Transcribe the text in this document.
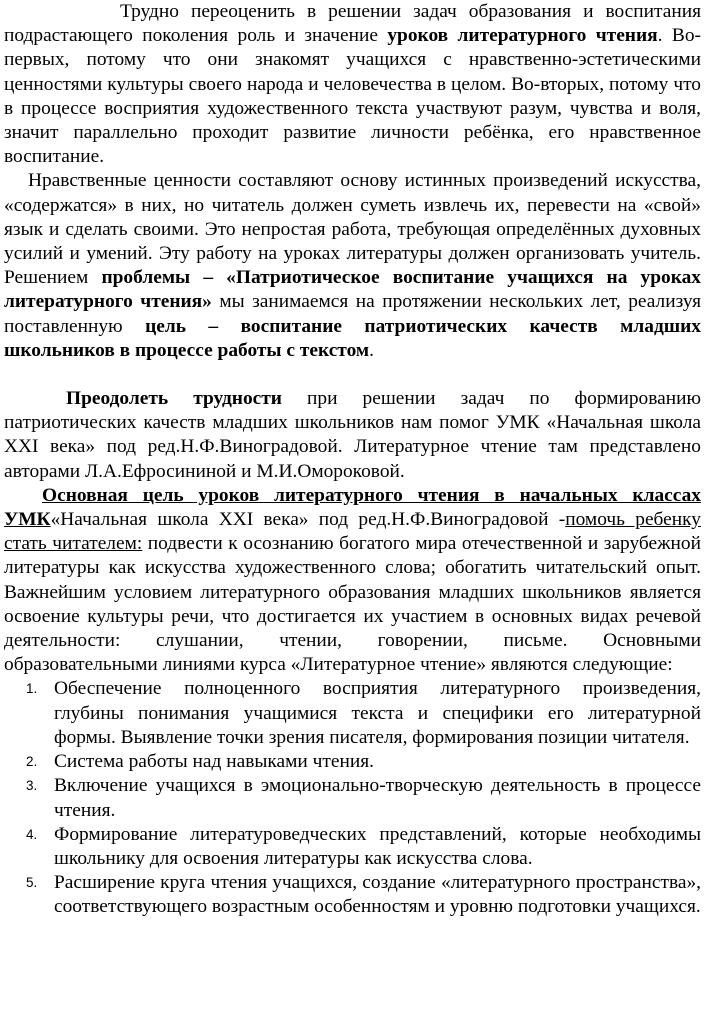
Трудно переоценить в решении задач образования и воспитания подрастающего поколения роль и значение уроков литературного чтения. Во-первых, потому что они знакомят учащихся с нравственно-эстетическими ценностями культуры своего народа и человечества в целом. Во-вторых, потому что в процессе восприятия художественного текста участвуют разум, чувства и воля, значит параллельно проходит развитие личности ребёнка, его нравственное воспитание.

Нравственные ценности составляют основу истинных произведений искусства, «содержатся» в них, но читатель должен суметь извлечь их, перевести на «свой» язык и сделать своими. Это непростая работа, требующая определённых духовных усилий и умений. Эту работу на уроках литературы должен организовать учитель. Решением проблемы – «Патриотическое воспитание учащихся на уроках литературного чтения» мы занимаемся на протяжении нескольких лет, реализуя поставленную цель – воспитание патриотических качеств младших школьников в процессе работы с текстом.

Преодолеть трудности при решении задач по формированию патриотических качеств младших школьников нам помог УМК «Начальная школа XXI века» под ред.Н.Ф.Виноградовой. Литературное чтение там представлено авторами Л.А.Ефросининой и М.И.Омороковой.

Основная цель уроков литературного чтения в начальных классах УМК«Начальная школа XXI века» под ред.Н.Ф.Виноградовой -помочь ребенку стать читателем: подвести к осознанию богатого мира отечественной и зарубежной литературы как искусства художественного слова; обогатить читательский опыт. Важнейшим условием литературного образования младших школьников является освоение культуры речи, что достигается их участием в основных видах речевой деятельности: слушании, чтении, говорении, письме. Основными образовательными линиями курса «Литературное чтение» являются следующие:

1. Обеспечение полноценного восприятия литературного произведения, глубины понимания учащимися текста и специфики его литературной формы. Выявление точки зрения писателя, формирования позиции читателя.
2. Система работы над навыками чтения.
3. Включение учащихся в эмоционально-творческую деятельность в процессе чтения.
4. Формирование литературоведческих представлений, которые необходимы школьнику для освоения литературы как искусства слова.
5. Расширение круга чтения учащихся, создание «литературного пространства», соответствующего возрастным особенностям и уровню подготовки учащихся.
